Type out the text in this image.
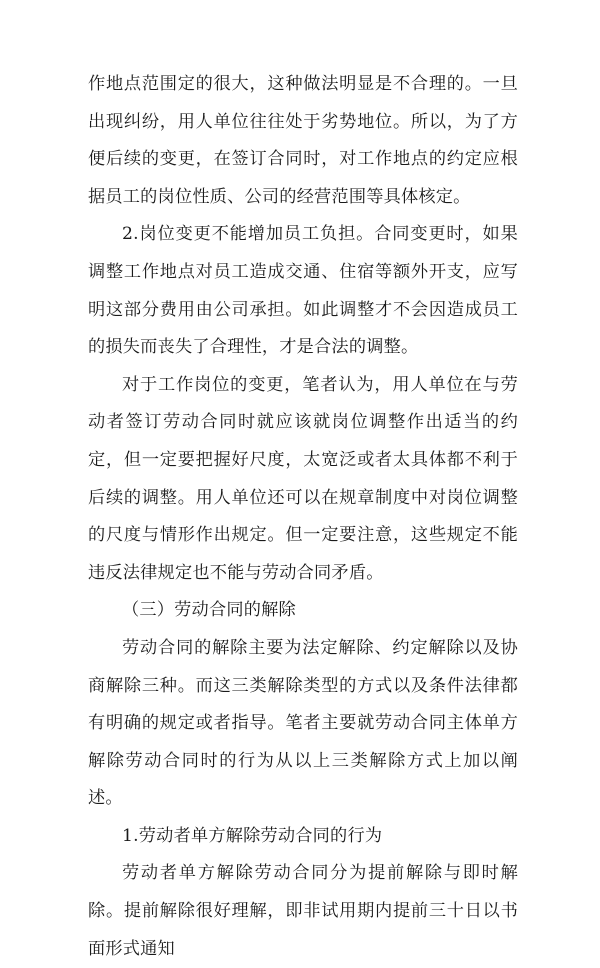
作地点范围定的很大，这种做法明显是不合理的。一旦出现纠纷，用人单位往往处于劣势地位。所以，为了方便后续的变更，在签订合同时，对工作地点的约定应根据员工的岗位性质、公司的经营范围等具体核定。

2.岗位变更不能增加员工负担。合同变更时，如果调整工作地点对员工造成交通、住宿等额外开支，应写明这部分费用由公司承担。如此调整才不会因造成员工的损失而丧失了合理性，才是合法的调整。

对于工作岗位的变更，笔者认为，用人单位在与劳动者签订劳动合同时就应该就岗位调整作出适当的约定，但一定要把握好尺度，太宽泛或者太具体都不利于后续的调整。用人单位还可以在规章制度中对岗位调整的尺度与情形作出规定。但一定要注意，这些规定不能违反法律规定也不能与劳动合同矛盾。

（三）劳动合同的解除

劳动合同的解除主要为法定解除、约定解除以及协商解除三种。而这三类解除类型的方式以及条件法律都有明确的规定或者指导。笔者主要就劳动合同主体单方解除劳动合同时的行为从以上三类解除方式上加以阐述。

1.劳动者单方解除劳动合同的行为

劳动者单方解除劳动合同分为提前解除与即时解除。提前解除很好理解，即非试用期内提前三十日以书面形式通知
